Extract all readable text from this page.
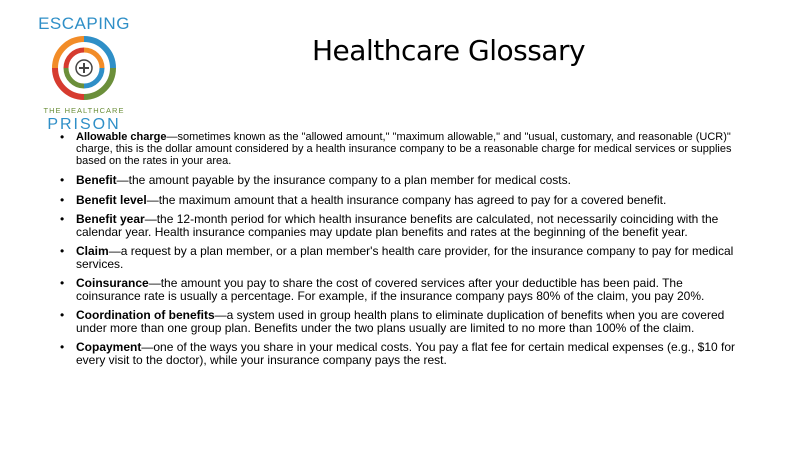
ESCAPING
THE HEALTHCARE
PRISON
Healthcare Glossary
• Allowable charge—sometimes known as the "allowed amount," "maximum allowable," and "usual, customary, and reasonable (UCR)" charge, this is the dollar amount considered by a health insurance company to be a reasonable charge for medical services or supplies based on the rates in your area.
• Benefit—the amount payable by the insurance company to a plan member for medical costs.
• Benefit level—the maximum amount that a health insurance company has agreed to pay for a covered benefit.
• Benefit year—the 12-month period for which health insurance benefits are calculated, not necessarily coinciding with the calendar year. Health insurance companies may update plan benefits and rates at the beginning of the benefit year.
• Claim—a request by a plan member, or a plan member's health care provider, for the insurance company to pay for medical services.
• Coinsurance—the amount you pay to share the cost of covered services after your deductible has been paid. The coinsurance rate is usually a percentage. For example, if the insurance company pays 80% of the claim, you pay 20%.
• Coordination of benefits—a system used in group health plans to eliminate duplication of benefits when you are covered under more than one group plan. Benefits under the two plans usually are limited to no more than 100% of the claim.
• Copayment—one of the ways you share in your medical costs. You pay a flat fee for certain medical expenses (e.g., $10 for every visit to the doctor), while your insurance company pays the rest.
